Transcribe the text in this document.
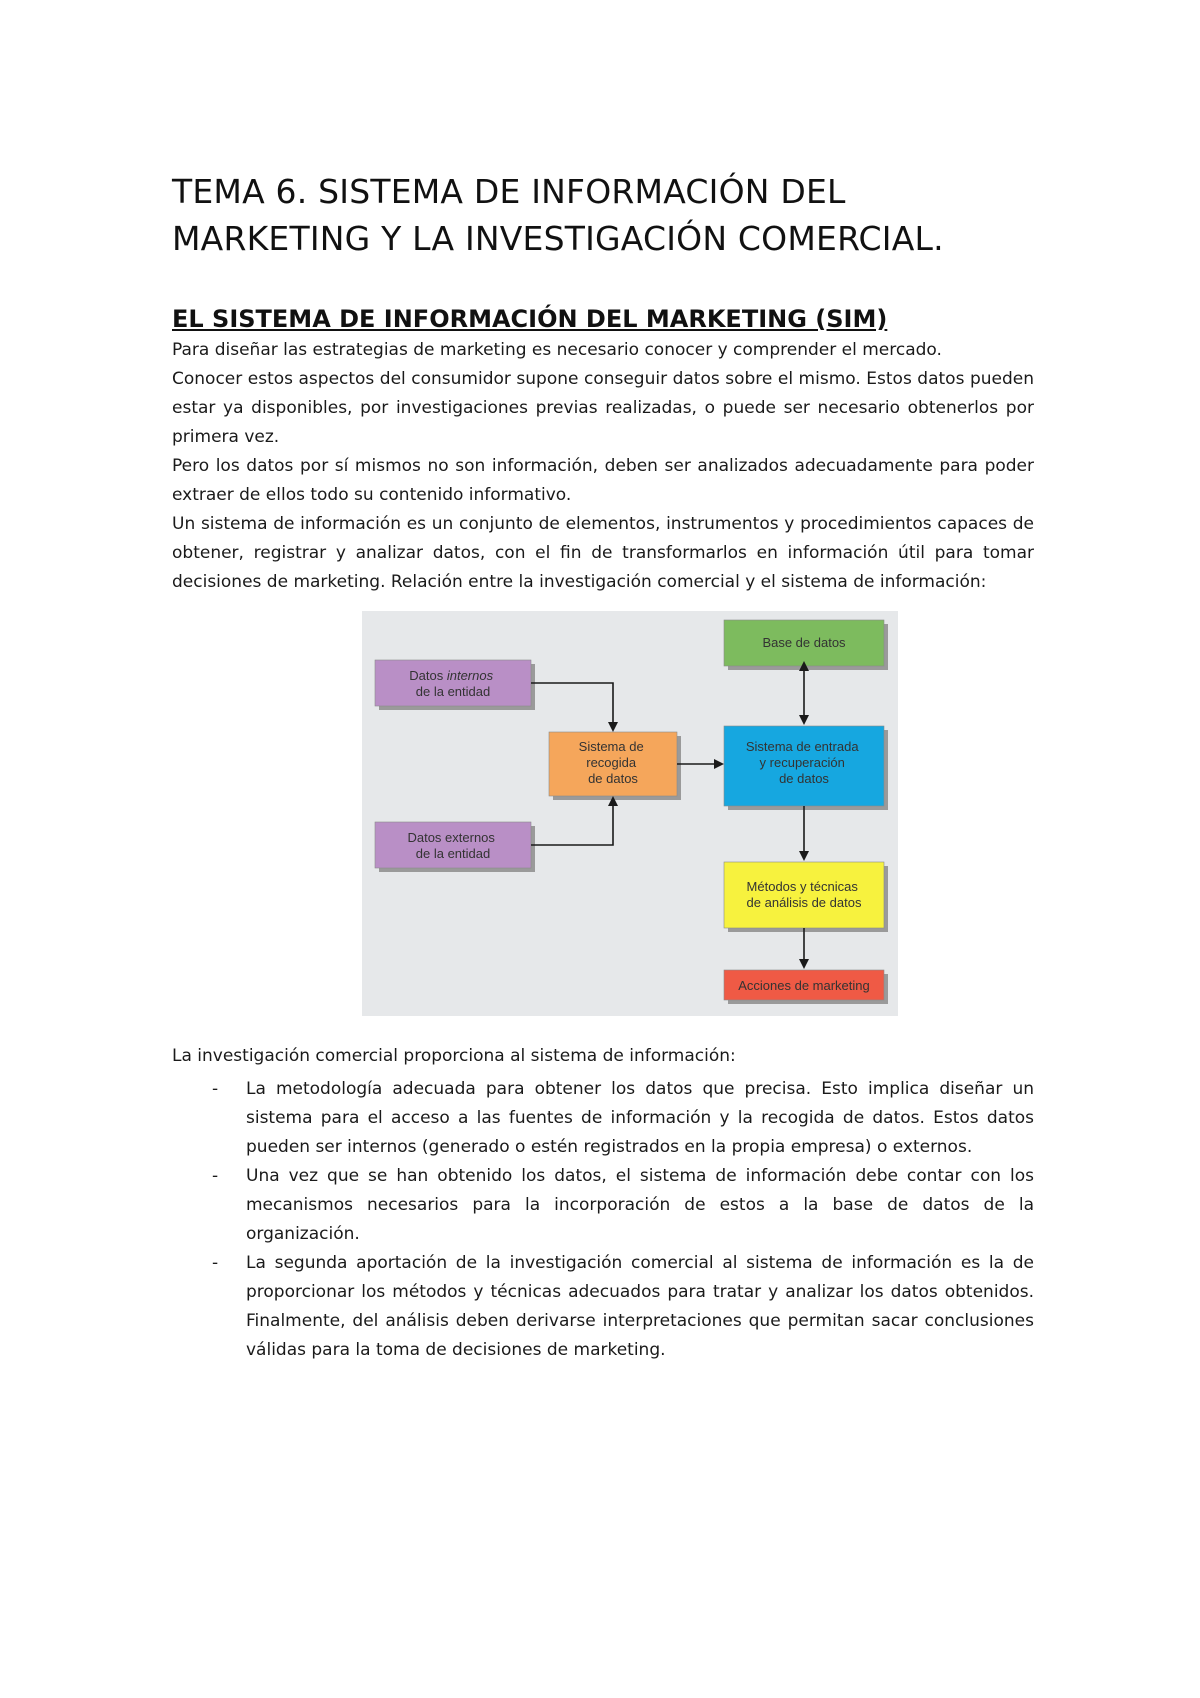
TEMA 6. SISTEMA DE INFORMACIÓN DEL MARKETING Y LA INVESTIGACIÓN COMERCIAL.
EL SISTEMA DE INFORMACIÓN DEL MARKETING (SIM)

Para diseñar las estrategias de marketing es necesario conocer y comprender el mercado.

Conocer estos aspectos del consumidor supone conseguir datos sobre el mismo. Estos datos pueden estar ya disponibles, por investigaciones previas realizadas, o puede ser necesario obtenerlos por primera vez.

Pero los datos por sí mismos no son información, deben ser analizados adecuadamente para poder extraer de ellos todo su contenido informativo.

Un sistema de información es un conjunto de elementos, instrumentos y procedimientos capaces de obtener, registrar y analizar datos, con el fin de transformarlos en información útil para tomar decisiones de marketing. Relación entre la investigación comercial y el sistema de información:

Datos internos de la entidad
Datos externos de la entidad
Sistema de recogida de datos
Base de datos
Sistema de entrada y recuperación de datos
Métodos y técnicas de análisis de datos
Acciones de marketing

La investigación comercial proporciona al sistema de información:

- La metodología adecuada para obtener los datos que precisa. Esto implica diseñar un sistema para el acceso a las fuentes de información y la recogida de datos. Estos datos pueden ser internos (generado o estén registrados en la propia empresa) o externos.
- Una vez que se han obtenido los datos, el sistema de información debe contar con los mecanismos necesarios para la incorporación de estos a la base de datos de la organización.
- La segunda aportación de la investigación comercial al sistema de información es la de proporcionar los métodos y técnicas adecuados para tratar y analizar los datos obtenidos. Finalmente, del análisis deben derivarse interpretaciones que permitan sacar conclusiones válidas para la toma de decisiones de marketing.
